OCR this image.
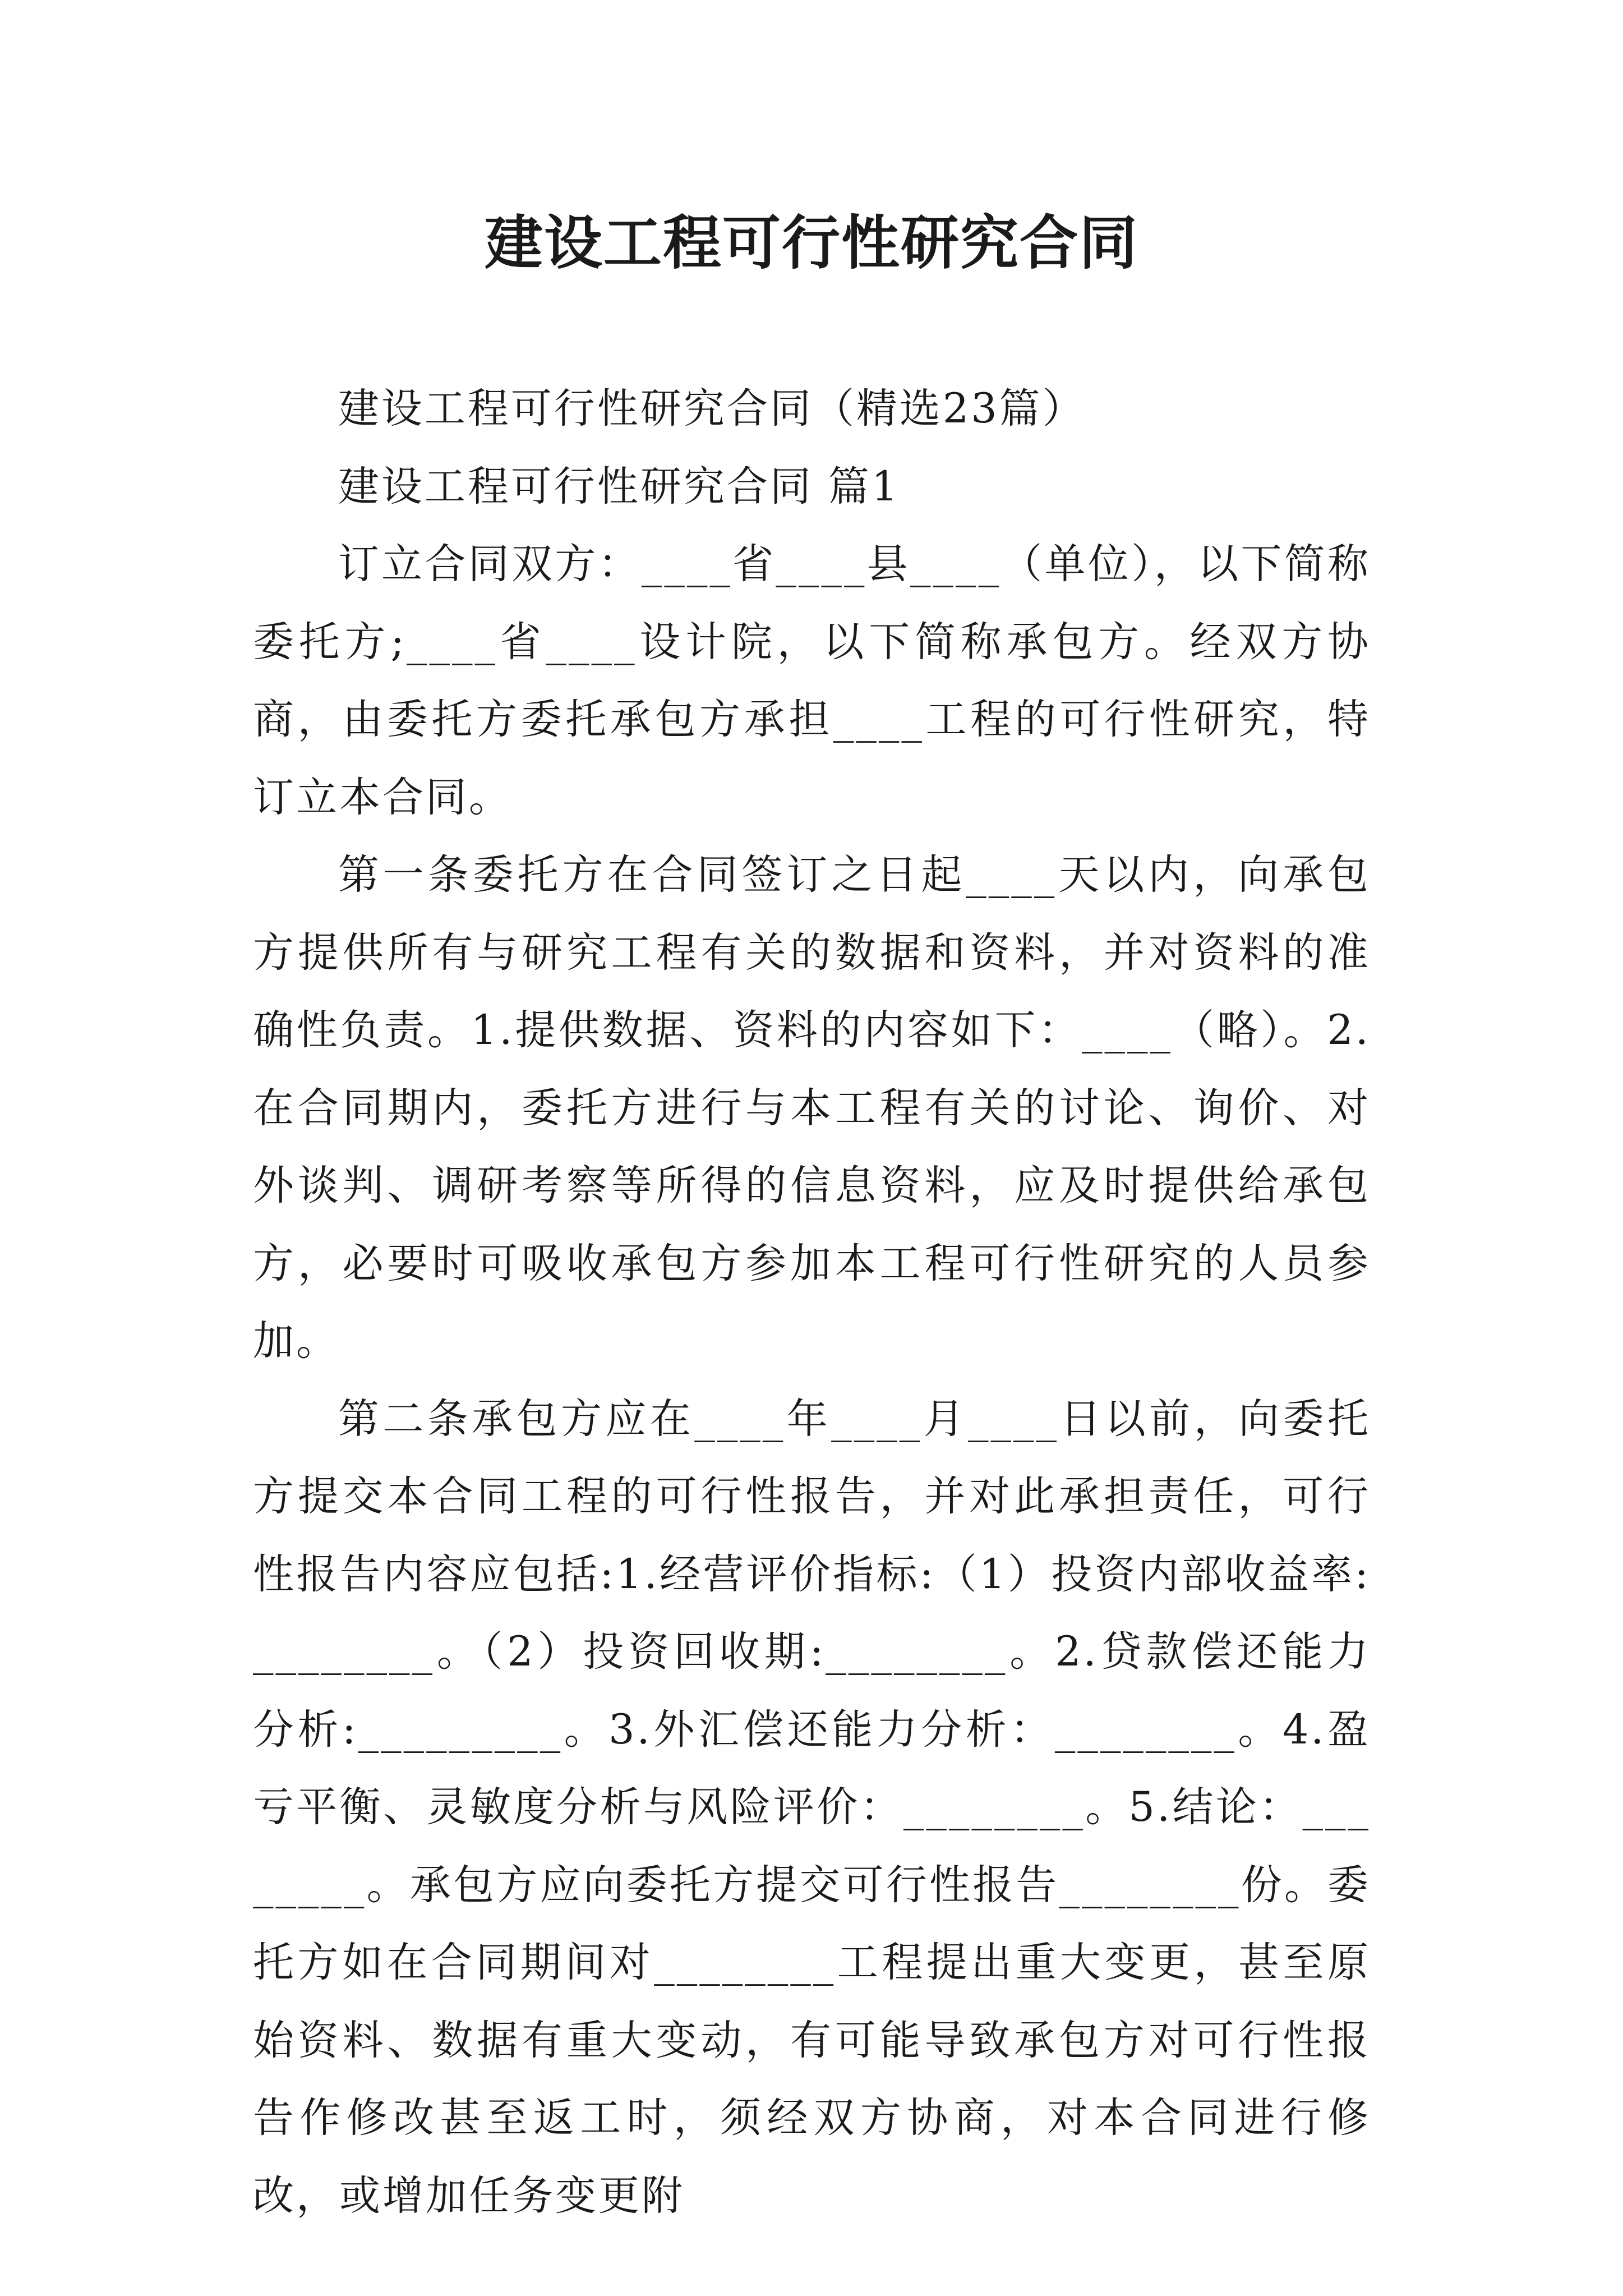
建设工程可行性研究合同

建设工程可行性研究合同（精选23篇）

建设工程可行性研究合同 篇1

订立合同双方：____省____县____（单位），以下简称委托方;____省____设计院，以下简称承包方。经双方协商，由委托方委托承包方承担____工程的可行性研究，特订立本合同。

第一条委托方在合同签订之日起____天以内，向承包方提供所有与研究工程有关的数据和资料，并对资料的准确性负责。1.提供数据、资料的内容如下：____（略）。2.在合同期内，委托方进行与本工程有关的讨论、询价、对外谈判、调研考察等所得的信息资料，应及时提供给承包方，必要时可吸收承包方参加本工程可行性研究的人员参加。

第二条承包方应在____年____月____日以前，向委托方提交本合同工程的可行性报告，并对此承担责任，可行性报告内容应包括:1.经营评价指标:（1）投资内部收益率:________。（2）投资回收期:________。2.贷款偿还能力分析:_________。3.外汇偿还能力分析：________。4.盈亏平衡、灵敏度分析与风险评价：________。5.结论：________。承包方应向委托方提交可行性报告________份。委托方如在合同期间对________工程提出重大变更，甚至原始资料、数据有重大变动，有可能导致承包方对可行性报告作修改甚至返工时，须经双方协商，对本合同进行修改，或增加任务变更附
